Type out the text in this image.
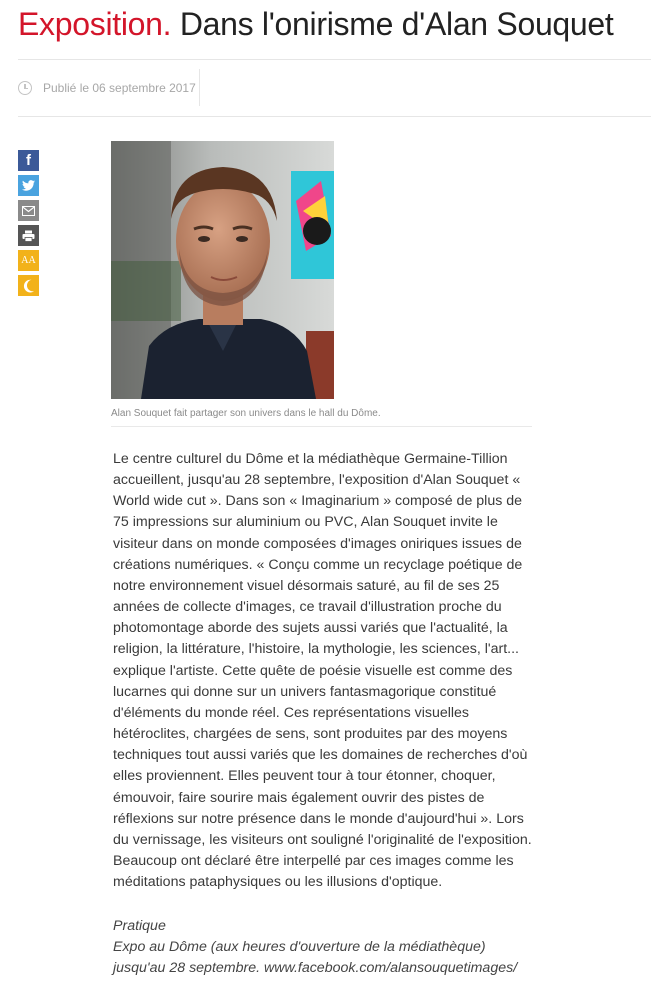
Exposition. Dans l'onirisme d'Alan Souquet
Publié le 06 septembre 2017
f
AA
Alan Souquet fait partager son univers dans le hall du Dôme.

Le centre culturel du Dôme et la médiathèque Germaine-Tillion accueillent, jusqu'au 28 septembre, l'exposition d'Alan Souquet « World wide cut ». Dans son « Imaginarium » composé de plus de 75 impressions sur aluminium ou PVC, Alan Souquet invite le visiteur dans on monde composées d'images oniriques issues de créations numériques. « Conçu comme un recyclage poétique de notre environnement visuel désormais saturé, au fil de ses 25 années de collecte d'images, ce travail d'illustration proche du photomontage aborde des sujets aussi variés que l'actualité, la religion, la littérature, l'histoire, la mythologie, les sciences, l'art... explique l'artiste. Cette quête de poésie visuelle est comme des lucarnes qui donne sur un univers fantasmagorique constitué d'éléments du monde réel. Ces représentations visuelles hétéroclites, chargées de sens, sont produites par des moyens techniques tout aussi variés que les domaines de recherches d'où elles proviennent. Elles peuvent tour à tour étonner, choquer, émouvoir, faire sourire mais également ouvrir des pistes de réflexions sur notre présence dans le monde d'aujourd'hui ». Lors du vernissage, les visiteurs ont souligné l'originalité de l'exposition. Beaucoup ont déclaré être interpellé par ces images comme les méditations pataphysiques ou les illusions d'optique.

Pratique
Expo au Dôme (aux heures d'ouverture de la médiathèque) jusqu'au 28 septembre. www.facebook.com/alansouquetimages/
